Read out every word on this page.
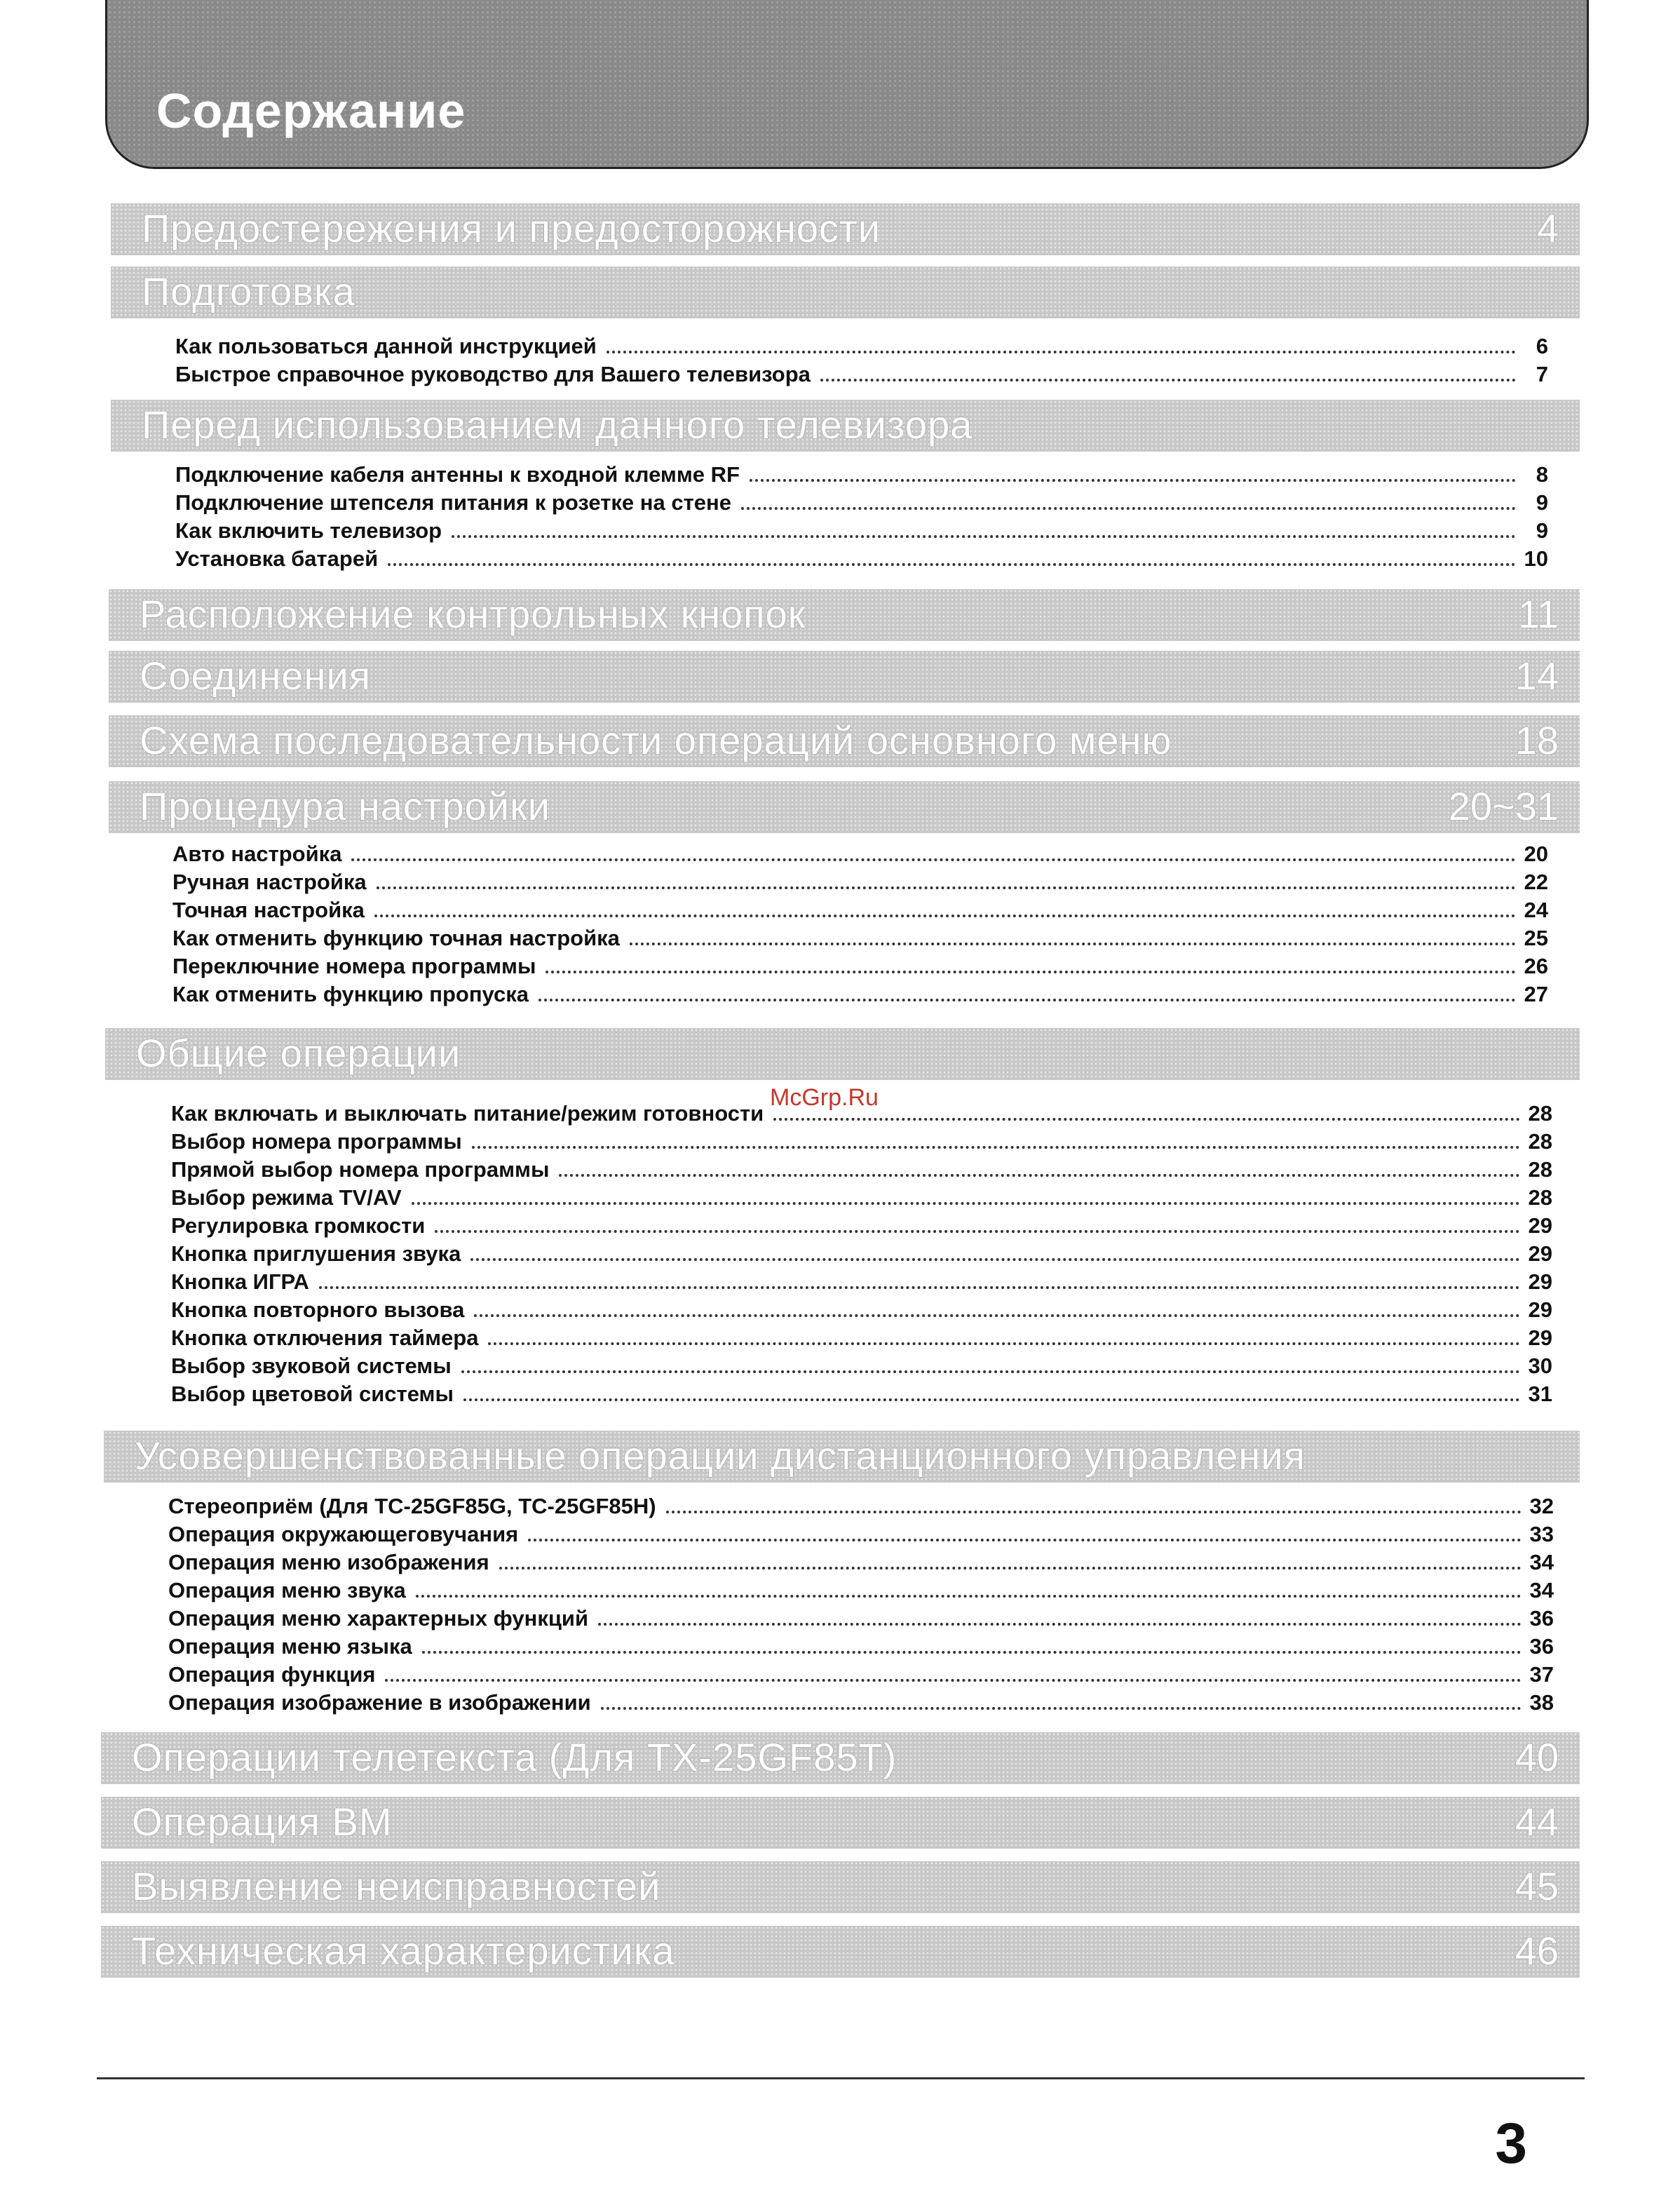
Содержание
Предостережения и предосторожности	4
Подготовка
Как пользоваться данной инструкцией	6
Быстрое справочное руководство для Вашего телевизора	7
Перед использованием данного телевизора
Подключение кабеля антенны к входной клемме RF	8
Подключение штепселя питания к розетке на стене	9
Как включить телевизор	9
Установка батарей	10
Расположение контрольных кнопок	11
Соединения	14
Схема последовательности операций основного меню	18
Процедура настройки	20~31
Авто настройка	20
Ручная настройка	22
Точная настройка	24
Как отменить функцию точная настройка	25
Переключние номера программы	26
Как отменить функцию пропуска	27
Общие операции
Как включать и выключать питание/режим готовности	28
Выбор номера программы	28
Прямой выбор номера программы	28
Выбор режима TV/AV	28
Регулировка громкости	29
Кнопка приглушения звука	29
Кнопка ИГРА	29
Кнопка повторного вызова	29
Кнопка отключения таймера	29
Выбор звуковой системы	30
Выбор цветовой системы	31
Усовершенствованные операции дистанционного управления
Стереоприём (Для TC-25GF85G, TC-25GF85H)	32
Операция окружающеговучания	33
Операция меню изображения	34
Операция меню звука	34
Операция меню характерных функций	36
Операция меню языка	36
Операция функция	37
Операция изображение в изображении	38
Операции телетекста (Для TX-25GF85T)	40
Операция ВМ	44
Выявление неисправностей	45
Техническая характеристика	46
McGrp.Ru
3
